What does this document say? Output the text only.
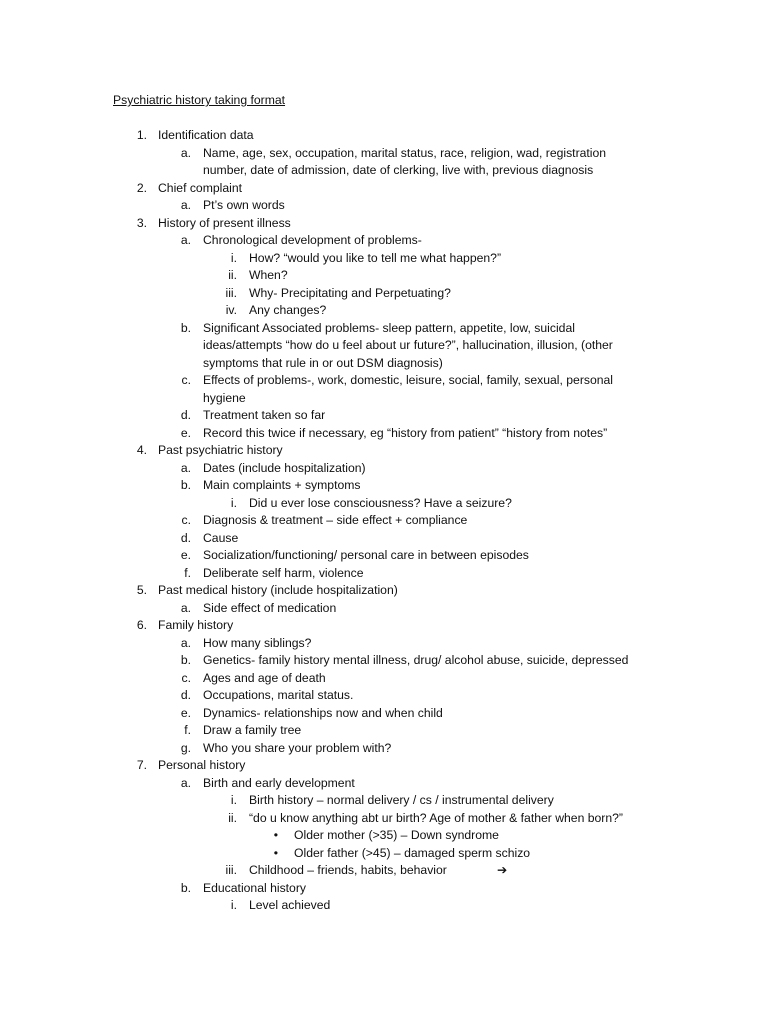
Psychiatric history taking format
1. Identification data
a. Name, age, sex, occupation, marital status, race, religion, wad, registration
number, date of admission, date of clerking, live with, previous diagnosis
2. Chief complaint
a. Pt’s own words
3. History of present illness
a. Chronological development of problems-
i. How? “would you like to tell me what happen?”
ii. When?
iii. Why- Precipitating and Perpetuating?
iv. Any changes?
b. Significant Associated problems- sleep pattern, appetite, low, suicidal
ideas/attempts “how do u feel about ur future?”, hallucination, illusion, (other
symptoms that rule in or out DSM diagnosis)
c. Effects of problems-, work, domestic, leisure, social, family, sexual, personal
hygiene
d. Treatment taken so far
e. Record this twice if necessary, eg “history from patient” “history from notes”
4. Past psychiatric history
a. Dates (include hospitalization)
b. Main complaints + symptoms
i. Did u ever lose consciousness? Have a seizure?
c. Diagnosis & treatment – side effect + compliance
d. Cause
e. Socialization/functioning/ personal care in between episodes
f. Deliberate self harm, violence
5. Past medical history (include hospitalization)
a. Side effect of medication
6. Family history
a. How many siblings?
b. Genetics- family history mental illness, drug/ alcohol abuse, suicide, depressed
c. Ages and age of death
d. Occupations, marital status.
e. Dynamics- relationships now and when child
f. Draw a family tree
g. Who you share your problem with?
7. Personal history
a. Birth and early development
i. Birth history – normal delivery / cs / instrumental delivery
ii. “do u know anything abt ur birth? Age of mother & father when born?”
• Older mother (>35) – Down syndrome
• Older father (>45) – damaged sperm schizo
iii. Childhood – friends, habits, behavior	➔
b. Educational history
i. Level achieved
